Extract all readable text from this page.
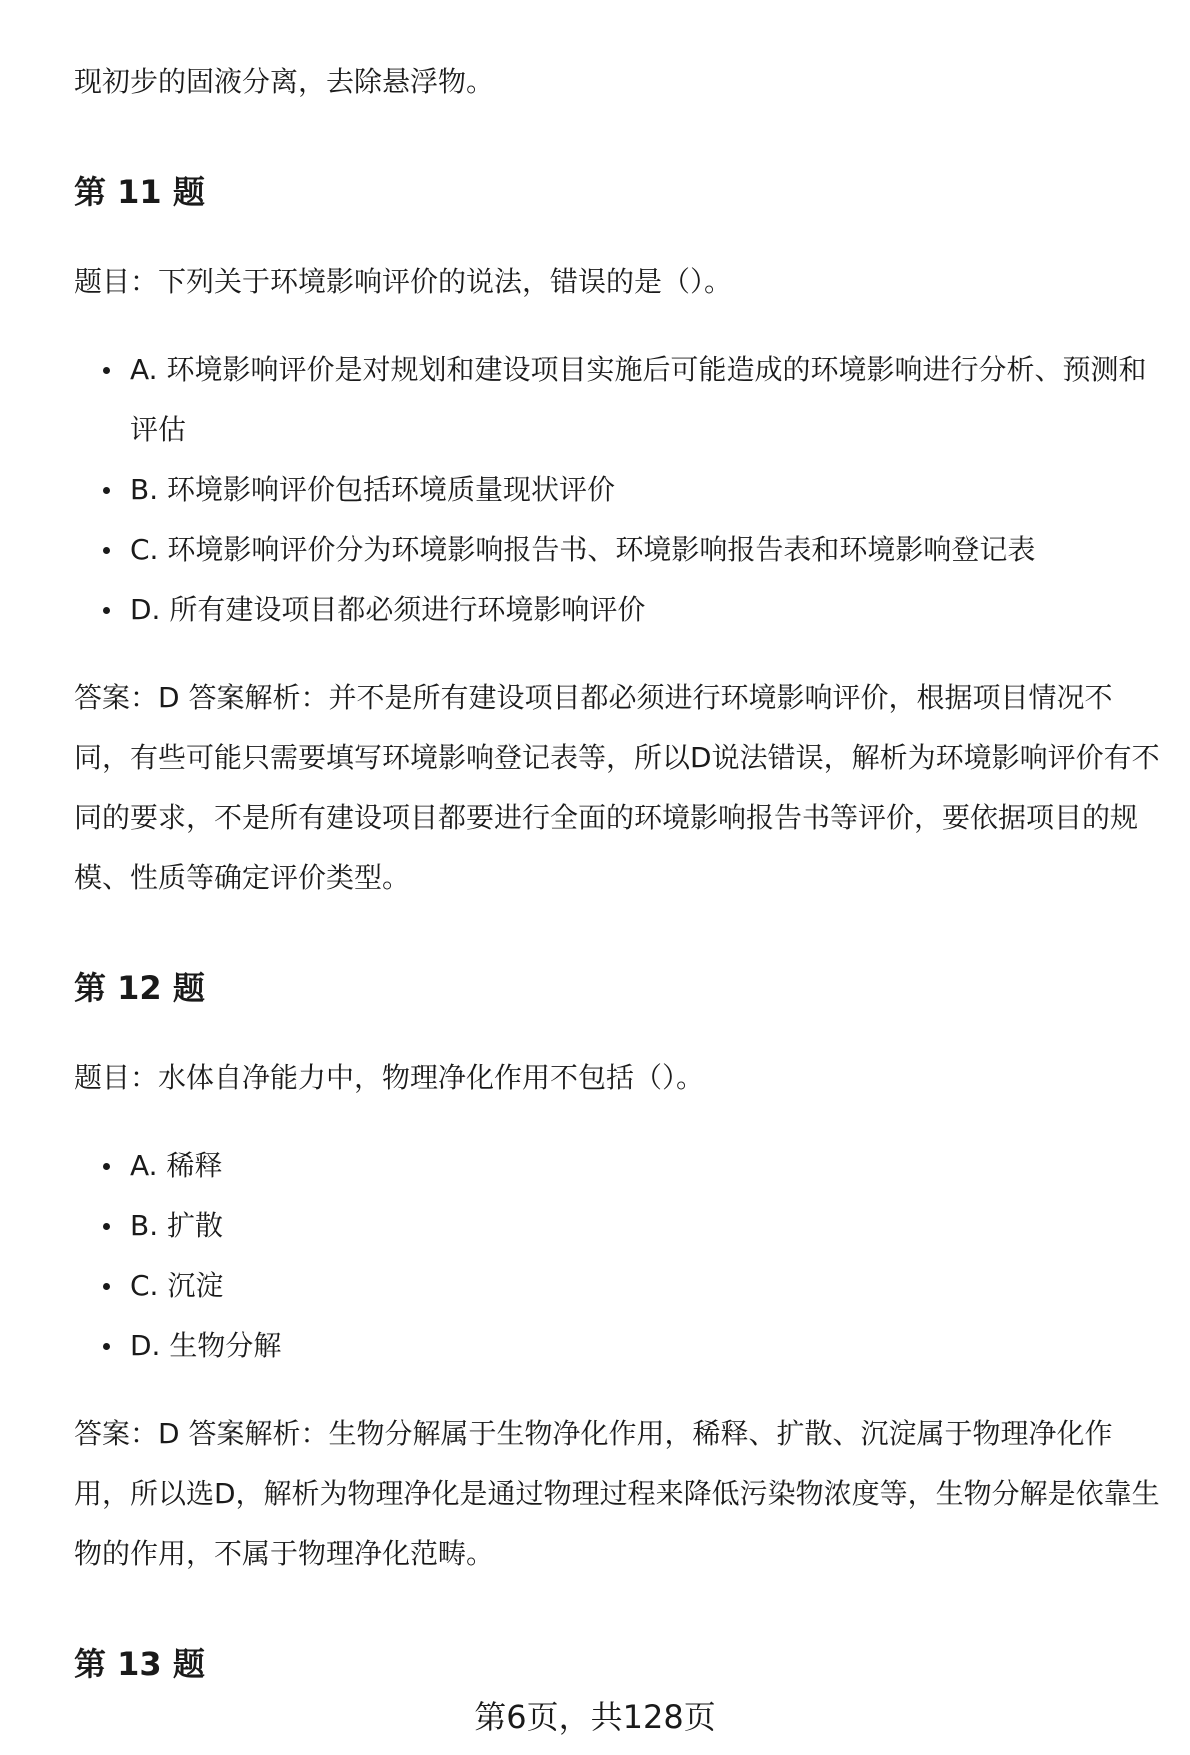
现初步的固液分离，去除悬浮物。

第 11 题

题目：下列关于环境影响评价的说法，错误的是（）。

A. 环境影响评价是对规划和建设项目实施后可能造成的环境影响进行分析、预测和评估
B. 环境影响评价包括环境质量现状评价
C. 环境影响评价分为环境影响报告书、环境影响报告表和环境影响登记表
D. 所有建设项目都必须进行环境影响评价

答案：D 答案解析：并不是所有建设项目都必须进行环境影响评价，根据项目情况不同，有些可能只需要填写环境影响登记表等，所以D说法错误，解析为环境影响评价有不同的要求，不是所有建设项目都要进行全面的环境影响报告书等评价，要依据项目的规模、性质等确定评价类型。

第 12 题

题目：水体自净能力中，物理净化作用不包括（）。

A. 稀释
B. 扩散
C. 沉淀
D. 生物分解

答案：D 答案解析：生物分解属于生物净化作用，稀释、扩散、沉淀属于物理净化作用，所以选D，解析为物理净化是通过物理过程来降低污染物浓度等，生物分解是依靠生物的作用，不属于物理净化范畴。

第 13 题
第6页，共128页
